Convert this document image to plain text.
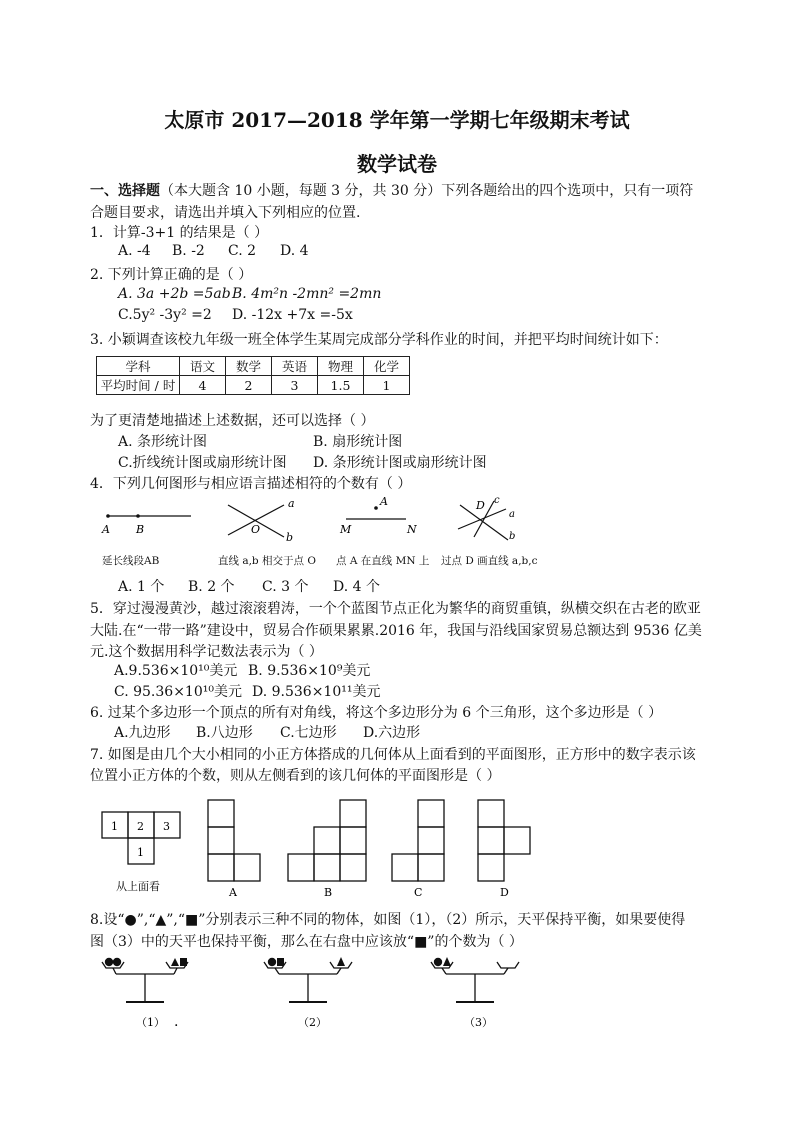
太原市 2017—2018 学年第一学期七年级期末考试
数学试卷
一、选择题（本大题含 10 小题，每题 3 分，共 30 分）下列各题给出的四个选项中，只有一项符
合题目要求，请选出并填入下列相应的位置.
1．计算-3+1 的结果是（ ）
A. -4 B. -2 C. 2 D. 4
2. 下列计算正确的是（ ）
A. 3a +2b =5ab B. 4m²n -2mn² =2mn
C.5y² -3y² =2 D. -12x +7x =-5x
3. 小颖调查该校九年级一班全体学生某周完成部分学科作业的时间，并把平均时间统计如下：
学科	语文	数学	英语	物理	化学
平均时间 / 时	4	2	3	1.5	1
为了更清楚地描述上述数据，还可以选择（ ）
A. 条形统计图	B. 扇形统计图
C.折线统计图或扇形统计图 D. 条形统计图或扇形统计图
4．下列几何图形与相应语言描述相符的个数有（ ）
A B
a
b
O
A
M	N
D c
a
b
延长线段AB	直线 a,b 相交于点 O 点 A 在直线 MN 上 过点 D 画直线 a,b,c
A. 1 个 B. 2 个 C. 3 个 D. 4 个
5．穿过漫漫黄沙，越过滚滚碧涛，一个个蓝图节点正化为繁华的商贸重镇，纵横交织在古老的欧亚
大陆.在“一带一路”建设中，贸易合作硕果累累.2016 年，我国与沿线国家贸易总额达到 9536 亿美
元.这个数据用科学记数法表示为（ ）
A.9.536×10¹⁰美元 B. 9.536×10⁹美元
C. 95.36×10¹⁰美元 D. 9.536×10¹¹美元
6. 过某个多边形一个顶点的所有对角线，将这个多边形分为 6 个三角形，这个多边形是（ ）
A.九边形 B.八边形 C.七边形 D.六边形
7. 如图是由几个大小相同的小正方体搭成的几何体从上面看到的平面图形，正方形中的数字表示该
位置小正方体的个数，则从左侧看到的该几何体的平面图形是（ ）
1 2 3
1
从上面看	A	B	C	D
8.设“●”,“▲”,“■”分别表示三种不同的物体，如图（1），（2）所示，天平保持平衡，如果要使得
图（3）中的天平也保持平衡，那么在右盘中应该放“■”的个数为（ ）
（1） .	（2）	（3）
